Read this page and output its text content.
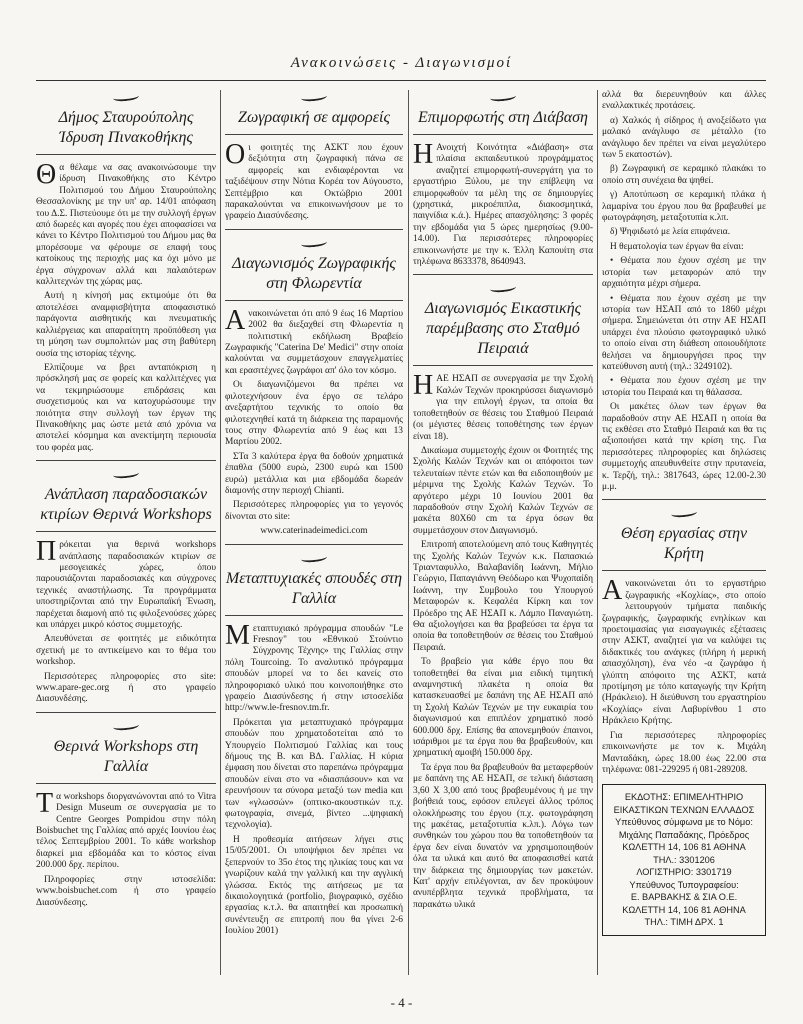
Ανακοινώσεις - Διαγωνισμοί
Δήμος Σταυρούπολης Ίδρυση Πινακοθήκης

Θα θέλαμε να σας ανακοινώσουμε την ίδρυση Πινακοθήκης στο Κέντρο Πολιτισμού του Δήμου Σταυρούπολης Θεσσαλονίκης με την υπ' αρ. 14/01 απόφαση του Δ.Σ. Πιστεύουμε ότι με την συλλογή έργων από δωρεές και αγορές που έχει αποφασίσει να κάνει το Κέντρο Πολιτισμού του Δήμου μας θα μπορέσουμε να φέρουμε σε επαφή τους κατοίκους της περιοχής μας κα όχι μόνο με έργα σύγχρονων αλλά και παλαιότερων καλλιτεχνών της χώρας μας.

Αυτή η κίνησή μας εκτιμούμε ότι θα αποτελέσει αναμφισβήτητα αποφασιστικό παράγοντα αισθητικής και πνευματικής καλλιέργειας και απαραίτητη προϋπόθεση για τη μύηση των συμπολιτών μας στη βαθύτερη ουσία της ιστορίας τέχνης.

Ελπίζουμε να βρει ανταπόκριση η πρόσκλησή μας σε φορείς και καλλιτέχνες για να τεκμηριώσουμε επιδράσεις και συσχετισμούς και να κατοχυρώσουμε την ποιότητα στην συλλογή των έργων της Πινακοθήκης μας ώστε μετά από χρόνια να αποτελεί κόσμημα και ανεκτίμητη περιουσία του φορέα μας.

Ανάπλαση παραδοσιακών κτιρίων Θερινά Workshops

Πρόκειται για θερινά workshops ανάπλασης παραδοσιακών κτιρίων σε μεσογειακές χώρες, όπου παρουσιάζονται παραδοσιακές και σύγχρονες τεχνικές αναστήλωσης. Τα προγράμματα υποστηρίζονται από την Ευρωπαϊκή Ένωση, παρέχεται διαμονή από τις φιλοξενούσες χώρες και υπάρχει μικρό κόστος συμμετοχής.

Απευθύνεται σε φοιτητές με ειδικότητα σχετική με το αντικείμενο και το θέμα του workshop.

Περισσότερες πληροφορίες στο site: www.apare-gec.org ή στο γραφείο Διασυνδέσης.

Θερινά Workshops στη Γαλλία

Τα workshops διοργανώνονται από το Vitra Design Museum σε συνεργασία με το Centre Georges Pompidou στην πόλη Boisbuchet της Γαλλίας από αρχές Ιουνίου έως τέλος Σεπτεμβρίου 2001. Το κάθε workshop διαρκεί μια εβδομάδα και το κόστος είναι 200.000 δρχ. περίπου.

Πληροφορίες στην ιστοσελίδα: www.boisbuchet.com ή στο γραφείο Διασύνδεσης.

Ζωγραφική σε αμφορείς

Οι φοιτητές της ΑΣΚΤ που έχουν δεξιότητα στη ζωγραφική πάνω σε αμφορείς και ενδιαφέρονται να ταξιδέψουν στην Νότια Κορέα τον Αύγουστο, Σεπτέμβριο και Οκτώβριο 2001 παρακαλούνται να επικοινωνήσουν με το γραφείο Διασύνδεσης.

Διαγωνισμός Ζωγραφικής στη Φλωρεντία

Ανακοινώνεται ότι από 9 έως 16 Μαρτίου 2002 θα διεξαχθεί στη Φλωρεντία η πολιτιστική εκδήλωση Βραβείο Ζωγραφικής "Caterina De' Medici" στην οποία καλούνται να συμμετάσχουν επαγγελματίες και ερασιτέχνες ζωγράφοι απ' όλο τον κόσμο.

Οι διαγωνιζόμενοι θα πρέπει να φιλοτεχνήσουν ένα έργο σε τελάρο ανεξαρτήτου τεχνικής το οποίο θα φιλοτεχνηθεί κατά τη διάρκεια της παραμονής τους στην Φλωρεντία από 9 έως και 13 Μαρτίου 2002.

ΣΤα 3 καλύτερα έργα θα δοθούν χρηματικά έπαθλα (5000 ευρώ, 2300 ευρώ και 1500 ευρώ) μετάλλια και μια εβδομάδα δωρεάν διαμονής στην περιοχή Chianti.

Περισσότερες πληροφορίες για το γεγονός δίνονται στο site:

www.caterinadeimedici.com

Μεταπτυχιακές σπουδές στη Γαλλία

Μεταπτυχιακό πρόγραμμα σπουδών "Le Fresnoy" του «Εθνικού Στούντιο Σύγχρονης Τέχνης» της Γαλλίας στην πόλη Tourcoing. Το αναλυτικό πρόγραμμα σπουδών μπορεί να το δει κανείς στο πληροφοριακό υλικό που κοινοποιήθηκε στο γραφείο Διασύνδεσης ή στην ιστοσελίδα http://www.le-fresnov.tm.fr.

Πρόκειται για μεταπτυχιακό πρόγραμμα σπουδών που χρηματοδοτείται από το Υπουργείο Πολιτισμού Γαλλίας και τους δήμους της Β. και ΒΔ. Γαλλίας. Η κύρια έμφαση που δίνεται στο παρεπάνω πρόγραμμα σπουδών είναι στο να «διασπάσουν» και να ερευνήσουν τα σύνορα μεταξύ των media και των «γλωσσών» (οπτικο-ακουστικών π.χ. φωτογραφία, σινεμά, βίντεο ...ψηφιακή τεχνολογία).

Η προθεσμία αιτήσεων λήγει στις 15/05/2001. Οι υποψήφιοι δεν πρέπει να ξεπερνούν το 35ο έτος της ηλικίας τους και να γνωρίζουν καλά την γαλλική και την αγγλική γλώσσα. Εκτός της αιτήσεως με τα δικαιολογητικά (portfolio, βιογραφικό, σχέδιο εργασίας κ.τ.λ. θα απαιτηθεί και προσωπική συνέντευξη σε επιτροπή που θα γίνει 2-6 Ιουλίου 2001)

Επιμορφωτής στη Διάβαση

Η Ανοιχτή Κοινότητα «Διάβαση» στα πλαίσια εκπαιδευτικού προγράμματος αναζητεί επιμορφωτή-συνεργάτη για το εργαστήριο Ξύλου, με την επίβλεψη να επιμορφωθούν τα μέλη της σε δημιουργίες (χρηστικά, μικροέπιπλα, διακοσμητικά, παιγνίδια κ.ά.). Ημέρες απασχόλησης: 3 φορές την εβδομάδα για 5 ώρες ημερησίως (9.00-14.00). Για περισσότερες πληροφορίες επικοινωνήστε με την κ. Έλλη Καπουίτη στα τηλέφωνα 8633378, 8640943.

Διαγωνισμός Εικαστικής παρέμβασης στο Σταθμό Πειραιά

ΗΑΕ ΗΣΑΠ σε συνεργασία με την Σχολή Καλών Τεχνών προκηρύσσει διαγωνισμό για την επιλογή έργων, τα οποία θα τοποθετηθούν σε θέσεις του Σταθμού Πειραιά (οι μέγιστες θέσεις τοποθέτησης των έργων είναι 18).

Δικαίωμα συμμετοχής έχουν οι Φοιτητές της Σχολής Καλών Τεχνών και οι απόφοιτοι των τελευταίων πέντε ετών και θα ειδοποιηθούν με μέριμνα της Σχολής Καλών Τεχνών. Το αργότερο μέχρι 10 Ιουνίου 2001 θα παραδοθούν στην Σχολή Καλών Τεχνών σε μακέτα 80Χ60 cm τα έργα όσων θα συμμετάσχουν στον Διαγωνισμό.

Επιτροπή αποτελούμενη από τους Καθηγητές της Σχολής Καλών Τεχνών κ.κ. Παπασκιώ Τριανταφυλλο, Βαλαβανίδη Ιωάννη, Μήλιο Γεώργιο, Παπαγιάννη Θεόδωρο και Ψυχοπαίδη Ιωάννη, την Συμβουλο του Υπουργού Μεταφορών κ. Κεφαλέα Κίρκη και τον Πρόεδρο της ΑΕ ΗΣΑΠ κ. Λάμπο Παναγιώτη. Θα αξιολογήσει και θα βραβεύσει τα έργα τα οποία θα τοποθετηθούν σε θέσεις του Σταθμού Πειραιά.

Το βραβείο για κάθε έργο που θα τοποθετηθεί θα είναι μια ειδική τιμητική αναμνηστική πλακέτα η οποία θα κατασκευασθεί με δαπάνη της ΑΕ ΗΣΑΠ από τη Σχολή Καλών Τεχνών με την ευκαιρία του διαγωνισμού και επιπλέον χρηματικό ποσό 600.000 δρχ. Επίσης θα απονεμηθούν έπαινοι, ισάριθμοι με τα έργα που θα βραβευθούν, και χρηματική αμοιβή 150.000 δρχ.

Τα έργα που θα βραβευθούν θα μεταφερθούν με δαπάνη της ΑΕ ΗΣΑΠ, σε τελική διάσταση 3,60 Χ 3,00 από τους βραβευμένους ή με την βοήθειά τους, εφόσον επιλεγεί άλλος τρόπος ολοκλήρωσης του έργου (π.χ. φωτογράφηση της μακέτας, μεταξοτυπία κ.λπ.). Λόγω των συνθηκών του χώρου που θα τοποθετηθούν τα έργα δεν είναι δυνατόν να χρησιμοποιηθούν όλα τα υλικά και αυτό θα αποφασισθεί κατά την διάρκεια της δημιουργίας των μακετών. Κατ' αρχήν επιλέγονται, αν δεν προκύψουν ανυπέρβλητα τεχνικά προβλήματα, τα παρακάτω υλικά

αλλά θα διερευνηθούν και άλλες εναλλακτικές προτάσεις.

α) Χαλκός ή σίδηρος ή ανοξείδωτο για μαλακό ανάγλυφο σε μέταλλο (το ανάγλυφο δεν πρέπει να είναι μεγαλύτερο των 5 εκατοστών).

β) Ζωγραφική σε κεραμικό πλακάκι το οποίο στη συνέχεια θα ψηθεί.

γ) Αποτύπωση σε κεραμική πλάκα ή λαμαρίνα του έργου που θα βραβευθεί με φωτογράφηση, μεταξοτυπία κ.λπ.

δ) Ψηφιδωτό με λεία επιφάνεια.

Η θεματολογία των έργων θα είναι:

• Θέματα που έχουν σχέση με την ιστορία των μεταφορών από την αρχαιότητα μέχρι σήμερα.

• Θέματα που έχουν σχέση με την ιστορία των ΗΣΑΠ από το 1860 μέχρι σήμερα. Σημειώνεται ότι στην ΑΕ ΗΣΑΠ υπάρχει ένα πλούσιο φωτογραφικό υλικό το οποίο είναι στη διάθεση οποιουδήποτε θελήσει να δημιουργήσει προς την κατεύθυνση αυτή (τηλ.: 3249102).

• Θέματα που έχουν σχέση με την ιστορία του Πειραιά και τη θάλασσα.

Οι μακέτες όλων των έργων θα παραδοθούν στην ΑΕ ΗΣΑΠ η οποία θα τις εκθέσει στο Σταθμό Πειραιά και θα τις αξιοποιήσει κατά την κρίση της. Για περισσότερες πληροφορίες και δηλώσεις συμμετοχής απευθυνθείτε στην πρυτανεία, κ. Τερζή, τηλ.: 3817643, ώρες 12.00-2.30 μ.μ.

Θέση εργασίας στην Κρήτη

Ανακοινώνεται ότι το εργαστήριο ζωγραφικής «Κοχλίας», στο οποίο λειτουργούν τμήματα παιδικής ζωγραφικής, ζωγραφικής ενηλίκων και προετοιμασίας για εισαγωγικές εξέτασεις στην ΑΣΚΤ, αναζητεί για να καλύψει τις διδακτικές του ανάγκες (πλήρη ή μερική απασχόληση), ένα νέο -α ζωγράφο ή γλύπτη απόφοιτο της ΑΣΚΤ, κατά προτίμηση με τόπο καταγωγής την Κρήτη (Ηράκλειο). Η διεύθυνση του εργαστηρίου «Κοχλίας» είναι Λαβυρίνθου 1 στο Ηράκλειο Κρήτης.

Για περισσότερες πληροφορίες επικοινωνήστε με τον κ. Μιχάλη Μανταδάκη, ώρες 18.00 έως 22.00 στα τηλέφωνα: 081-229295 ή 081-289208.

ΕΚΔΟΤΗΣ: ΕΠΙΜΕΛΗΤΗΡΙΟ
ΕΙΚΑΣΤΙΚΩΝ ΤΕΧΝΩΝ ΕΛΛΑΔΟΣ
Υπεύθυνος σύμφωνα με το Νόμο:
Μιχάλης Παπαδάκης, Πρόεδρος
ΚΩΛΕΤΤΗ 14, 106 81 ΑΘΗΝΑ
ΤΗΛ.: 3301206
ΛΟΓΙΣΤΗΡΙΟ: 3301719
Υπεύθυνος Τυπογραφείου:
Ε. ΒΑΡΒΑΚΗΣ & ΣΙΑ Ο.Ε.
ΚΩΛΕΤΤΗ 14, 106 81 ΑΘΗΝΑ
ΤΗΛ.: ΤΙΜΗ ΔΡΧ. 1
- 4 -
